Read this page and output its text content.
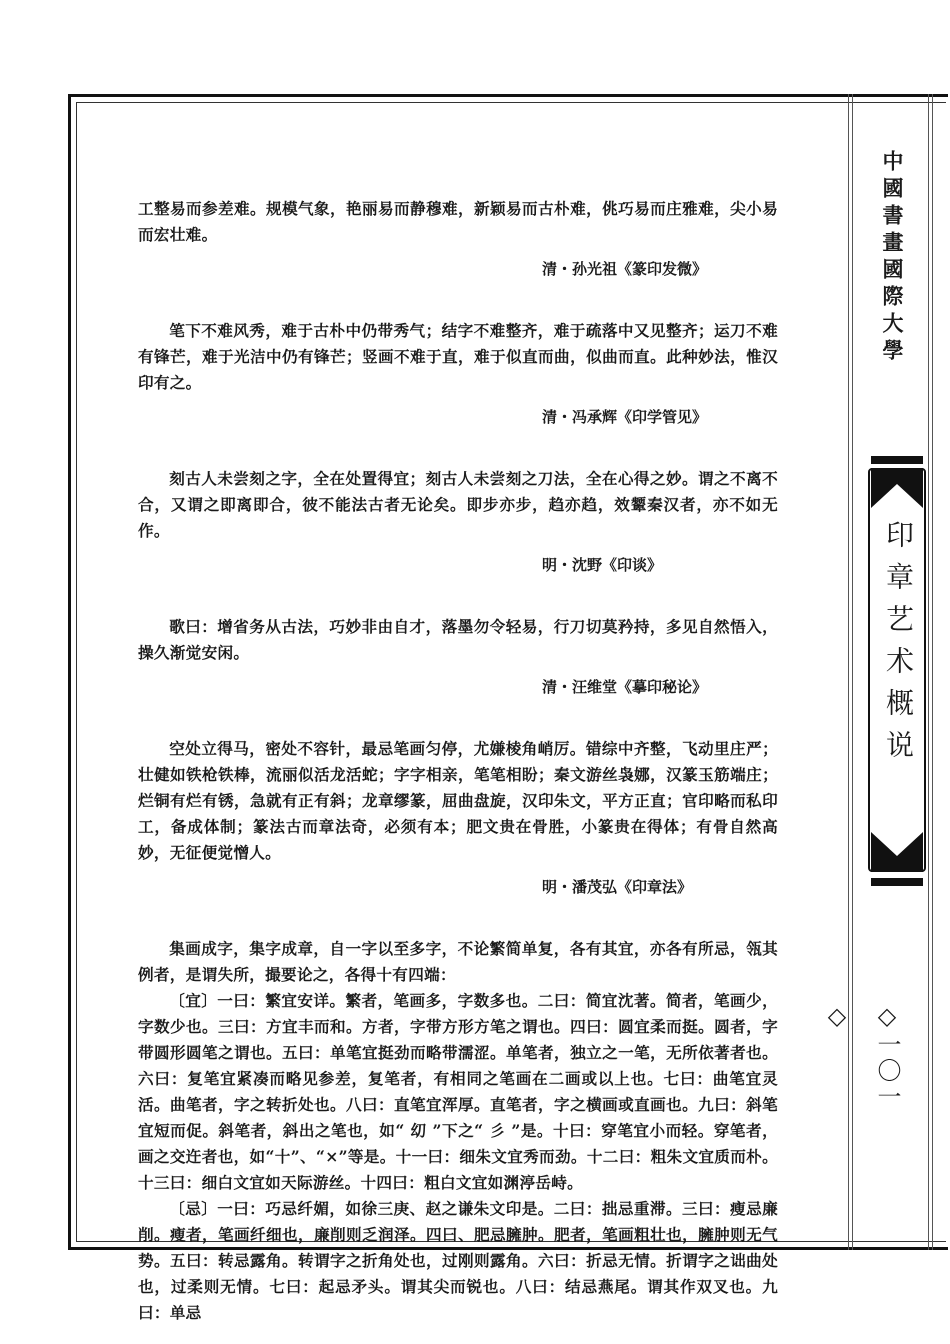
中國書畫國際大學
印章艺术概说
◇一〇一◇

工整易而参差难。规模气象，艳丽易而静穆难，新颖易而古朴难，佻巧易而庄雅难，尖小易而宏壮难。

清・孙光祖《篆印发微》

笔下不难风秀，难于古朴中仍带秀气；结字不难整齐，难于疏落中又见整齐；运刀不难有锋芒，难于光洁中仍有锋芒；竖画不难于直，难于似直而曲，似曲而直。此种妙法，惟汉印有之。

清・冯承辉《印学管见》

刻古人未尝刻之字，全在处置得宜；刻古人未尝刻之刀法，全在心得之妙。谓之不离不合，又谓之即离即合，彼不能法古者无论矣。即步亦步，趋亦趋，效颦秦汉者，亦不如无作。

明・沈野《印谈》

歌曰：增省务从古法，巧妙非由自才，落墨勿令轻易，行刀切莫矜持，多见自然悟入，操久渐觉安闲。

清・汪维堂《摹印秘论》

空处立得马，密处不容针，最忌笔画匀停，尤嫌棱角峭厉。错综中齐整，飞动里庄严；壮健如铁枪铁棒，流丽似活龙活蛇；字字相亲，笔笔相盼；秦文游丝袅娜，汉篆玉筋端庄；烂铜有烂有锈，急就有正有斜；龙章缪篆，屈曲盘旋，汉印朱文，平方正直；官印略而私印工，备成体制；篆法古而章法奇，必须有本；肥文贵在骨胜，小篆贵在得体；有骨自然高妙，无征便觉憎人。

明・潘茂弘《印章法》

集画成字，集字成章，自一字以至多字，不论繁简单复，各有其宜，亦各有所忌，瓴其例者，是谓失所，撮要论之，各得十有四端：

〔宜〕一曰：繁宜安详。繁者，笔画多，字数多也。二曰：简宜沈著。简者，笔画少，字数少也。三曰：方宜丰而和。方者，字带方形方笔之谓也。四曰：圆宜柔而挺。圆者，字带圆形圆笔之谓也。五曰：单笔宜挺劲而略带濡涩。单笔者，独立之一笔，无所依著者也。六曰：复笔宜紧凑而略见参差，复笔者，有相同之笔画在二画或以上也。七曰：曲笔宜灵活。曲笔者，字之转折处也。八曰：直笔宜浑厚。直笔者，字之横画或直画也。九曰：斜笔宜短而促。斜笔者，斜出之笔也，如“ 㓜 ”下之“ 彡 ”是。十曰：穿笔宜小而轻。穿笔者，画之交迕者也，如“十”、“×”等是。十一曰：细朱文宜秀而劲。十二曰：粗朱文宜质而朴。十三曰：细白文宜如天际游丝。十四曰：粗白文宜如渊渟岳峙。

〔忌〕一曰：巧忌纤媚，如徐三庚、赵之谦朱文印是。二曰：拙忌重滞。三曰：瘦忌廉削。瘦者，笔画纤细也，廉削则乏润泽。四曰、肥忌臃肿。肥者，笔画粗壮也，臃肿则无气势。五曰：转忌露角。转谓字之折角处也，过刚则露角。六曰：折忌无情。折谓字之诎曲处也，过柔则无情。七曰：起忌矛头。谓其尖而锐也。八曰：结忌燕尾。谓其作双叉也。九曰：单忌
